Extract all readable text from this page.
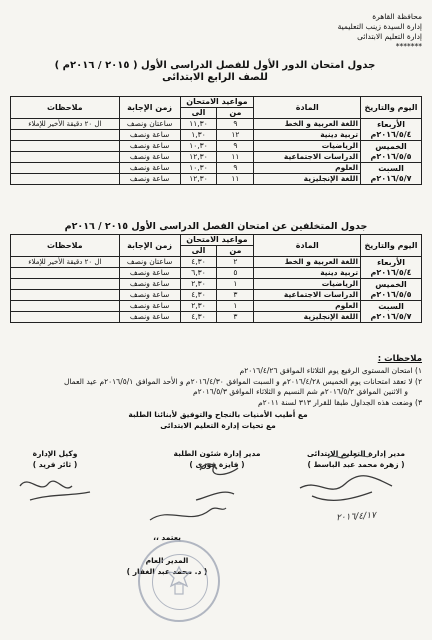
محافظة القاهرة
إدارة السيدة زينب التعليمية
إدارة التعليم الابتدائى
*******
جدول امتحان الدور الأول للفصل الدراسى الأول ( ٢٠١٥ / ٢٠١٦م )
للصف الرابع الابتدائى
اليوم والتاريخ	المادة	مواعيد الامتحان		زمن الإجابة	ملاحظات
		من	الى		

الأربعاء
٢٠١٦/٥/٤م	اللغة العربية و الخط	٩	١١,٣٠	ساعتان ونصف	ال ٢٠ دقيقة الأخير للإملاء
	تربية دينية	١٢	١,٣٠	ساعة ونصف	

الخميس
٢٠١٦/٥/٥م	الرياضيات	٩	١٠,٣٠	ساعة ونصف	
	الدراسات الاجتماعية	١١	١٢,٣٠	ساعة ونصف	

السبت
٢٠١٦/٥/٧م	العلوم	٩	١٠,٣٠	ساعة ونصف	
	اللغة الإنجليزية	١١	١٢,٣٠	ساعة ونصف	
جدول المتخلفين عن امتحان الفصل الدراسى الأول ٢٠١٥ / ٢٠١٦م
اليوم والتاريخ	المادة	مواعيد الامتحان		زمن الإجابة	ملاحظات
		من	الى		

الأربعاء
٢٠١٦/٥/٤م	اللغة العربية و الخط	٢	٤,٣٠	ساعتان ونصف	ال ٢٠ دقيقة الأخير للإملاء
	تربية دينية	٥	٦,٣٠	ساعة ونصف	

الخميس
٢٠١٦/٥/٥م	الرياضيات	١	٢,٣٠	ساعة ونصف	
	الدراسات الاجتماعية	٣	٤,٣٠	ساعة ونصف	

السبت
٢٠١٦/٥/٧م	العلوم	١	٢,٣٠	ساعة ونصف	
	اللغة الإنجليزية	٣	٤,٣٠	ساعة ونصف	
ملاحظات :
١) امتحان المستوى الرفيع يوم الثلاثاء الموافق ٢٠١٦/٤/٢٦م
٢) لا تعقد امتحانات يوم الخميس ٢٠١٦/٤/٢٨م و السبت الموافق ٢٠١٦/٤/٣٠م و الأحد الموافق ٢٠١٦/٥/١م عيد العمال
و الاثنين الموافق ٢٠١٦/٥/٢م شم النسيم و الثلاثاء الموافق ٢٠١٦/٥/٣م
٣) وضعت هذه الجداول طبقا للقرار ٣١٣ لسنة ٢٠١١م
مع أطيب الأمنيات بالنجاح والتوفيق لأبنائنا الطلبة
مع تحيات إدارة التعليم الابتدائى
مدير إدارة التعليم الابتدائى
( زهرة محمد عبد الباسط )
مدير إدارة شئون الطلبة
( فايزة فوزى )
وكيل الإدارة
( ثائر فريد )
٢٠١٦/٤/١٧
يعتمد ،،
المدير العام
( د. محمد عبد الغفار )
